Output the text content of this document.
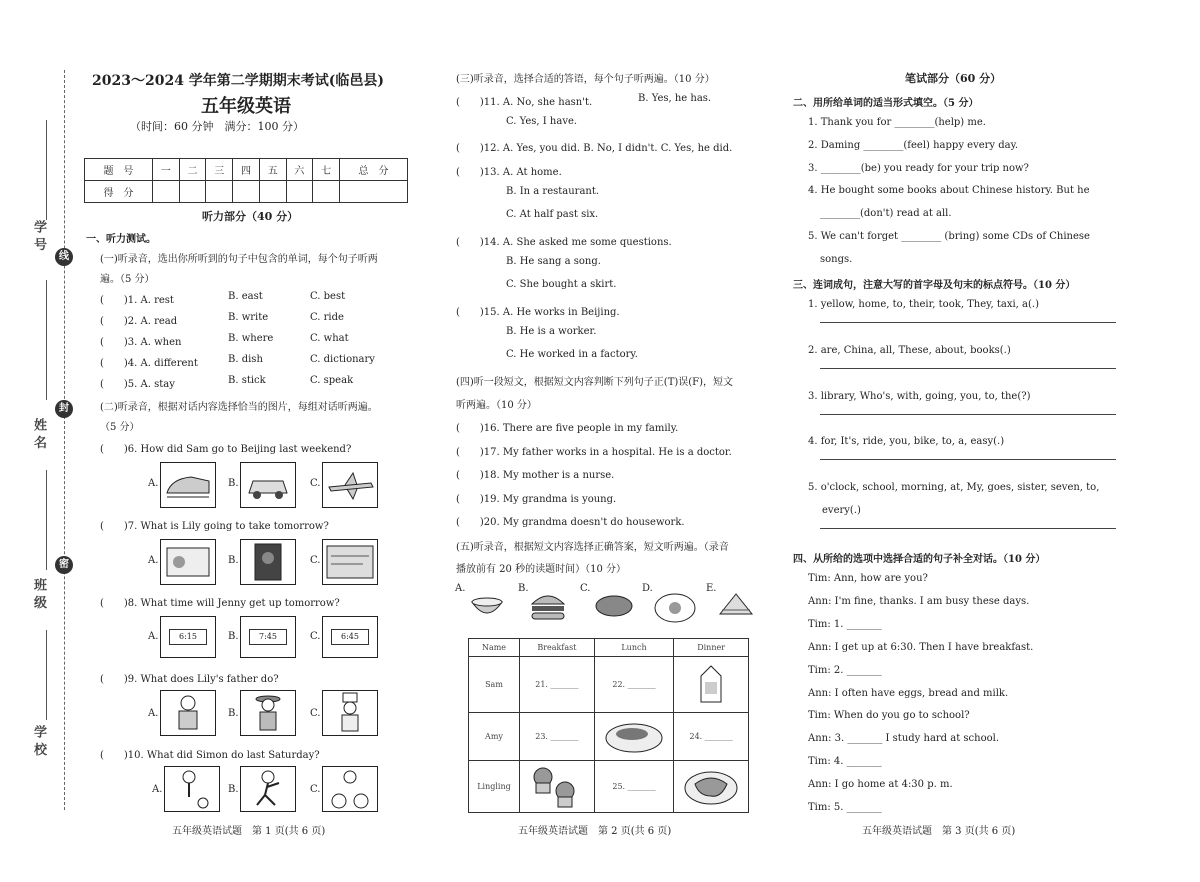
学 号
姓 名
班 级
学 校
线
封
密
2023～2024 学年第二学期期末考试(临邑县)
五年级英语
（时间：60 分钟　满分：100 分）
题　号	一	二	三	四	五	六	七	总　分
得　分								
听力部分（40 分）
一、听力测试。
(一)听录音，选出你所听到的句子中包含的单词，每个句子听两
遍。（5 分）
(　　)1. A. rest	B. east	C. best
(　　)2. A. read	B. write	C. ride
(　　)3. A. when	B. where	C. what
(　　)4. A. different	B. dish	C. dictionary
(　　)5. A. stay	B. stick	C. speak
(二)听录音，根据对话内容选择恰当的图片，每组对话听两遍。
（5 分）
(　　)6. How did Sam go to Beijing last weekend?
A.	B.	C.
(　　)7. What is Lily going to take tomorrow?
A.	B.	C.
(　　)8. What time will Jenny get up tomorrow?
A.	6:15	B.	7:45	C.	6:45
(　　)9. What does Lily's father do?
A.	B.	C.
(　　)10. What did Simon do last Saturday?
A.	B.	C.
五年级英语试题　第 1 页(共 6 页)
(三)听录音，选择合适的答语，每个句子听两遍。（10 分）
(　　)11. A. No, she hasn't.	B. Yes, he has.
C. Yes, I have.
(　　)12. A. Yes, you did. B. No, I didn't. C. Yes, he did.
(　　)13. A. At home.
B. In a restaurant.
C. At half past six.
(　　)14. A. She asked me some questions.
B. He sang a song.
C. She bought a skirt.
(　　)15. A. He works in Beijing.
B. He is a worker.
C. He worked in a factory.
(四)听一段短文，根据短文内容判断下列句子正(T)误(F)，短文
听两遍。（10 分）
(　　)16. There are five people in my family.
(　　)17. My father works in a hospital. He is a doctor.
(　　)18. My mother is a nurse.
(　　)19. My grandma is young.
(　　)20. My grandma doesn't do housework.
(五)听录音，根据短文内容选择正确答案，短文听两遍。（录音
播放前有 20 秒的读题时间）（10 分）
A.	B.	C.	D.	E.
Name	Breakfast	Lunch	Dinner
Sam	21. _______	22. _______	
Amy	23. _______		24. _______
Lingling		25. _______	
五年级英语试题　第 2 页(共 6 页)
笔试部分（60 分）
二、用所给单词的适当形式填空。（5 分）
1. Thank you for ________(help) me.
2. Daming ________(feel) happy every day.
3. ________(be) you ready for your trip now?
4. He bought some books about Chinese history. But he
________(don't) read at all.
5. We can't forget ________ (bring) some CDs of Chinese
songs.
三、连词成句，注意大写的首字母及句末的标点符号。（10 分）
1. yellow, home, to, their, took, They, taxi, a(.)
2. are, China, all, These, about, books(.)
3. library, Who's, with, going, you, to, the(?)
4. for, It's, ride, you, bike, to, a, easy(.)
5. o'clock, school, morning, at, My, goes, sister, seven, to,
every(.)
四、从所给的选项中选择合适的句子补全对话。（10 分）
Tim: Ann, how are you?
Ann: I'm fine, thanks. I am busy these days.
Tim: 1. _______
Ann: I get up at 6:30. Then I have breakfast.
Tim: 2. _______
Ann: I often have eggs, bread and milk.
Tim: When do you go to school?
Ann: 3. _______ I study hard at school.
Tim: 4. _______
Ann: I go home at 4:30 p. m.
Tim: 5. _______
五年级英语试题　第 3 页(共 6 页)
